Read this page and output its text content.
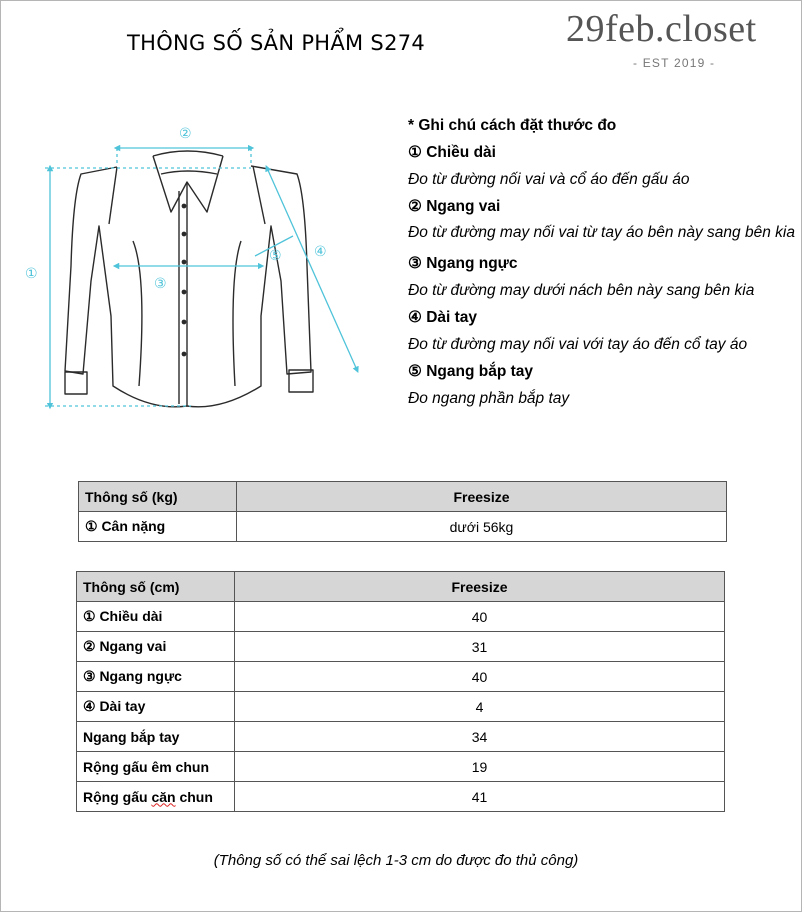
THÔNG SỐ SẢN PHẨM S274	29feb.closet
- EST 2019 -
①
②
③
④
⑤
* Ghi chú cách đặt thước đo
① Chiều dài
Đo từ đường nối vai và cổ áo đến gấu áo
② Ngang vai
Đo từ đường may nối vai từ tay áo bên này sang bên kia
③ Ngang ngực
Đo từ đường may dưới nách bên này sang bên kia
④ Dài tay
Đo từ đường may nối vai với tay áo đến cổ tay áo
⑤ Ngang bắp tay
Đo ngang phần bắp tay
Thông số (kg)	Freesize
① Cân nặng	dưới 56kg
Thông số (cm)	Freesize
① Chiều dài	40
② Ngang vai	31
③ Ngang ngực	40
④ Dài tay	4
Ngang bắp tay	34
Rộng gấu êm chun	19
Rộng gấu căn chun	41
(Thông số có thể sai lệch 1-3 cm do được đo thủ công)
